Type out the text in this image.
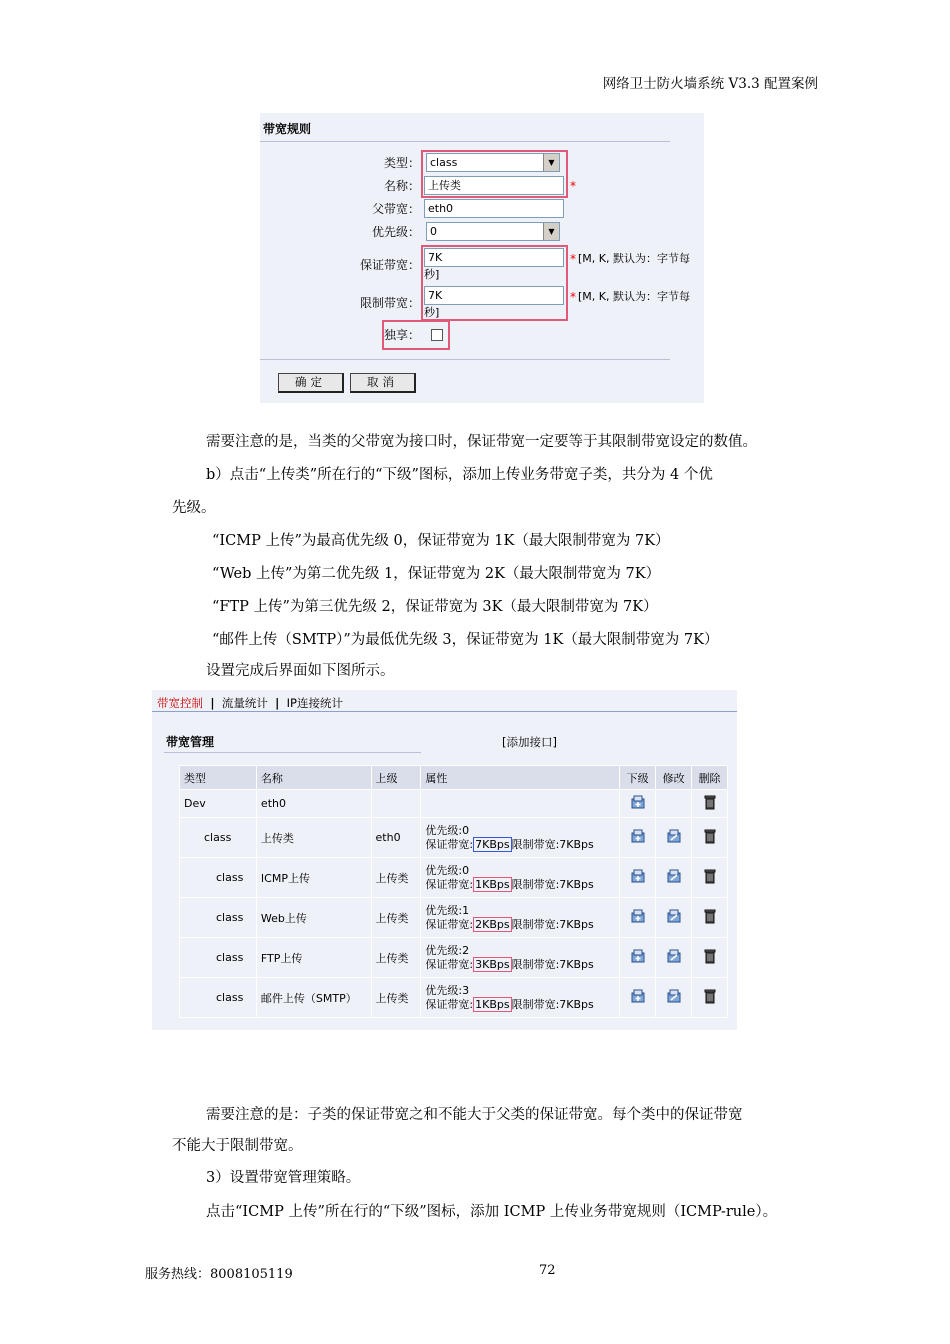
网络卫士防火墙系统 V3.3 配置案例
带宽规则
类型： class	▼
名称： 上传类	*
父带宽： eth0
优先级： 0	▼
保证带宽：
7K
秒]
* [M, K, 默认为：字节每
限制带宽：
7K
秒]
* [M, K, 默认为：字节每
独享：
确定	取消
需要注意的是，当类的父带宽为接口时，保证带宽一定要等于其限制带宽设定的数值。
b）点击“上传类”所在行的“下级”图标，添加上传业务带宽子类，共分为 4 个优
先级。
“ICMP 上传”为最高优先级 0，保证带宽为 1K（最大限制带宽为 7K）
“Web 上传”为第二优先级 1，保证带宽为 2K（最大限制带宽为 7K）
“FTP 上传”为第三优先级 2，保证带宽为 3K（最大限制带宽为 7K）
“邮件上传（SMTP）”为最低优先级 3，保证带宽为 1K（最大限制带宽为 7K）
设置完成后界面如下图所示。
带宽控制 | 流量统计 | IP连接统计
带宽管理	[添加接口]
类型	名称	上级	属性	下级	修改	删除
Dev	eth0					
class	上传类	eth0	优先级:0
保证带宽: 7KBps 限制带宽:7KBps

class	ICMP上传	上传类	优先级:0
保证带宽: 1KBps 限制带宽:7KBps

class	Web上传	上传类	优先级:1
保证带宽: 2KBps 限制带宽:7KBps

class	FTP上传	上传类	优先级:2
保证带宽: 3KBps 限制带宽:7KBps

class	邮件上传（SMTP）	上传类	优先级:3
保证带宽: 1KBps 限制带宽:7KBps

需要注意的是：子类的保证带宽之和不能大于父类的保证带宽。每个类中的保证带宽
不能大于限制带宽。
3）设置带宽管理策略。
点击“ICMP 上传”所在行的“下级”图标，添加 ICMP 上传业务带宽规则（ICMP-rule）。
服务热线：8008105119	72
